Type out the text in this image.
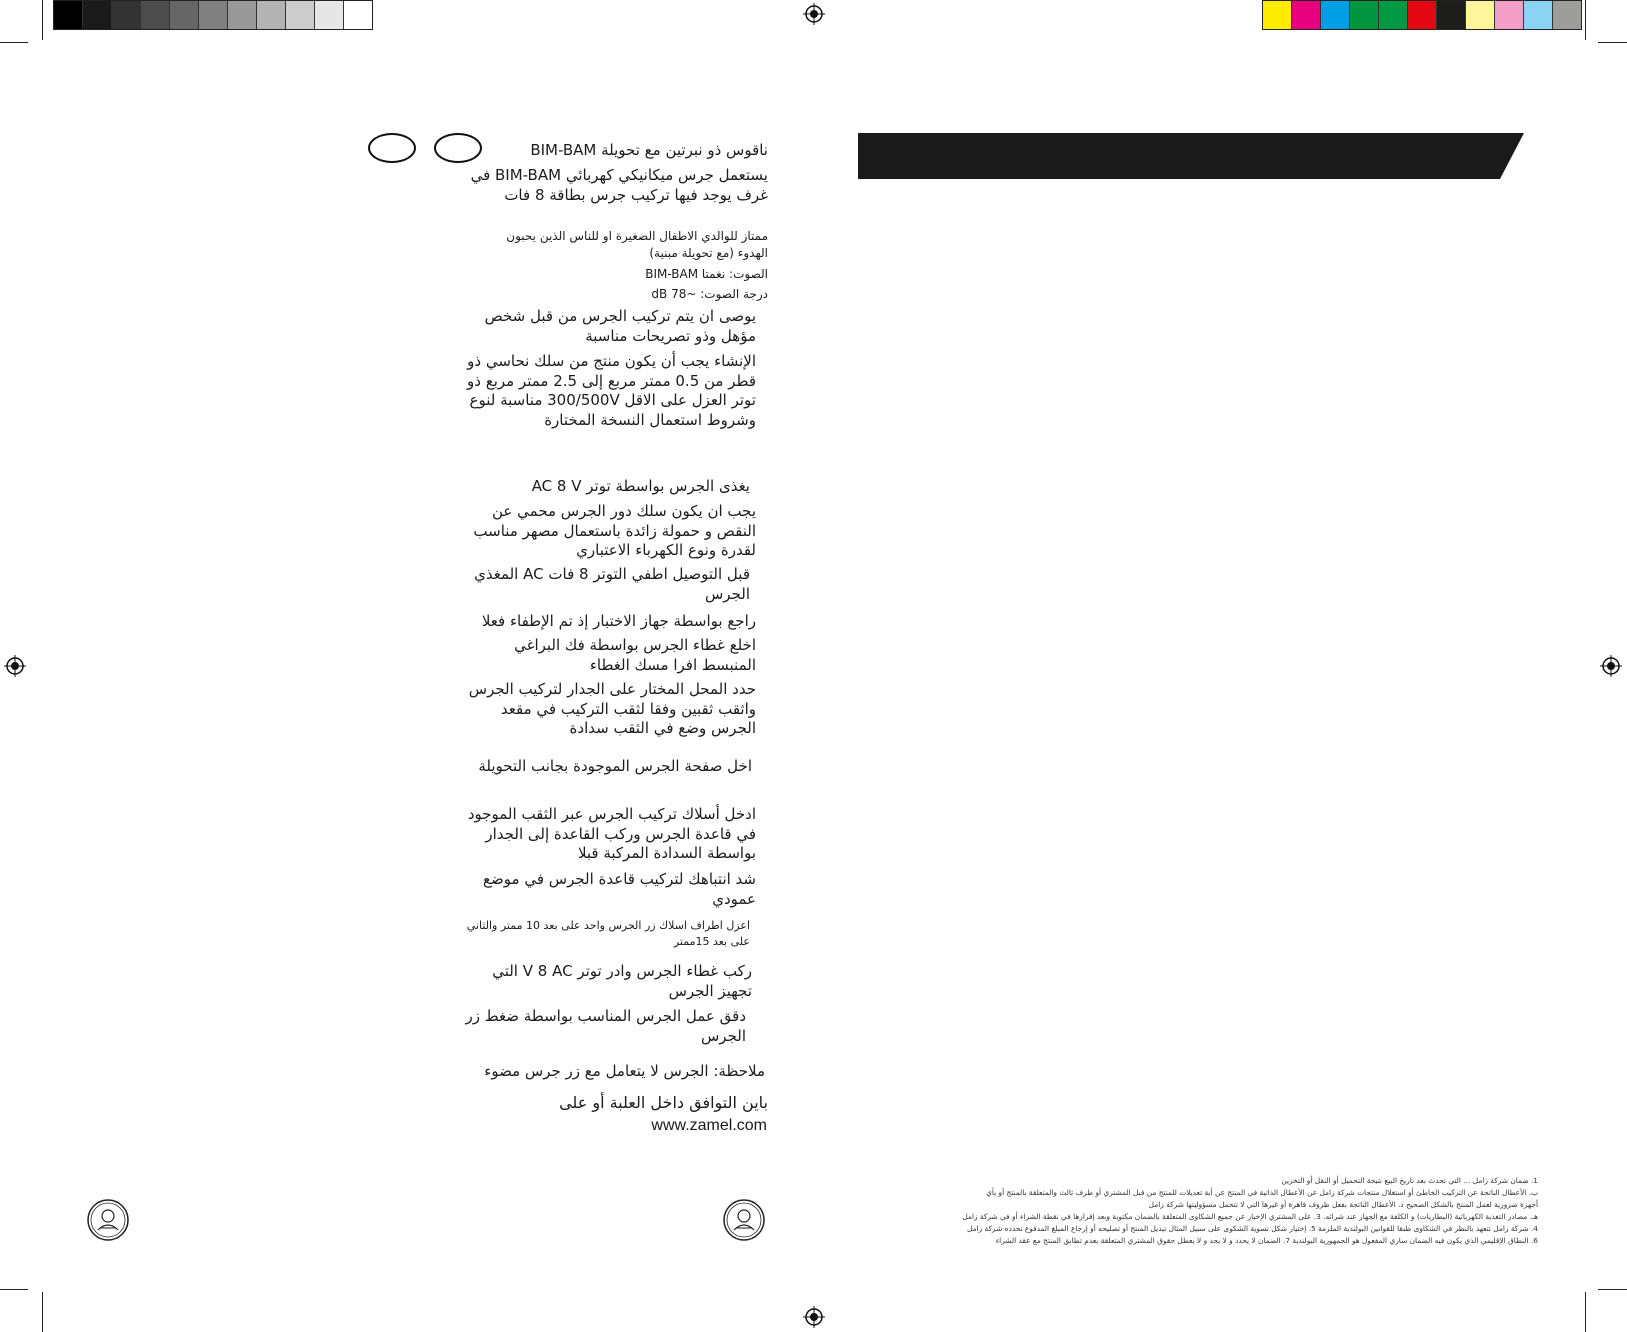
ناقوس ذو نبرتين مع تحويلة BIM-BAM
يستعمل جرس ميكانيكي كهربائي BIM-BAM في غرف يوجد فيها تركيب جرس بطاقة 8 فات
ممتاز للوالدي الاطفال الصغيرة او للناس الذين يحبون الهدوء (مع تحويلة مبنية)
الصوت: نغمتا BIM-BAM
درجة الصوت: ~78 dB
يوصى ان يتم تركيب الجرس من قبل شخص مؤهل وذو تصريحات مناسبة
الإنشاء يجب أن يكون منتج من سلك نحاسي ذو قطر من 0.5 ممتر مربع إلى 2.5 ممتر مربع ذو توتر العزل على الاقل 300/500V مناسبة لنوع وشروط استعمال النسخة المختارة
يغذى الجرس بواسطة توتر AC 8 V
يجب ان يكون سلك دور الجرس محمي عن النقص و حمولة زائدة باستعمال مصهر مناسب لقدرة ونوع الكهرباء الاعتباري
قبل التوصيل اطفي التوتر 8 فات AC المغذي الجرس
راجع بواسطة جهاز الاختبار إذ تم الإطفاء فعلا
اخلع غطاء الجرس بواسطة فك البراغي المنبسط افرا مسك الغطاء
حدد المحل المختار على الجدار لتركيب الجرس واثقب ثقبين وفقا لثقب التركيب في مقعد الجرس وضع في الثقب سدادة
اخل صفحة الجرس الموجودة بجانب التحويلة
ادخل أسلاك تركيب الجرس عبر الثقب الموجود في قاعدة الجرس وركب القاعدة إلى الجدار بواسطة السدادة المركبة قبلا
شد انتباهك لتركيب قاعدة الجرس في موضع عمودي
اعزل اطراف اسلاك زر الجرس واحد على بعد 10 ممتر والثاني على بعد 15ممتر
ركب غطاء الجرس وادر توتر V 8 AC التي تجهيز الجرس
دقق عمل الجرس المناسب بواسطة ضغط زر الجرس
ملاحظة: الجرس لا يتعامل مع زر جرس مضوء
باين التوافق داخل العلبة أو على
www.zamel.com
1. ضمان شركة زامل ... التي تحدث بعد تاريخ البيع نتيجة التحميل أو النقل أو التخزين
ب. الأعطال الناتجة عن التركيب الخاطئ أو استغلال منتجات شركة زامل عن الأعطال الذاتية في المنتج عن أية تعديلات للمنتج من قبل المشتري أو طرف ثالث والمتعلقة بالمنتج أو بأي
أجهزة ضرورية لعمل المنتج بالشكل الصحيح د. الأعطال الناتجة بفعل ظروف قاهرة أو غيرها التي لا تتحمل مسؤوليتها شركة زامل
هـ. مصادر التغذية الكهربائية (البطاريات) و الكلفة مع الجهاز عند شرائه. 3. على المشتري الإخبار عن جميع الشكاوى المتعلقة بالضمان مكتوبة وبعد إقرارها في نقطة الشراء أو في شركة زامل
4. شركة زامل تتعهد بالنظر في الشكاوى طبقا للقوانين البولندية الملزمة 5. إختيار شكل تسوية الشكوى على سبيل المثال تبديل المنتج أو تصليحه أو إرجاع المبلغ المدفوع تحدده شركة زامل
6. النطاق الإقليمي الذي يكون فيه الضمان ساري المفعول هو الجمهورية البولندية 7. الضمان لا يحدد و لا يحد و لا يعطل حقوق المشتري المتعلقة بعدم تطابق المنتج مع عقد الشراء
